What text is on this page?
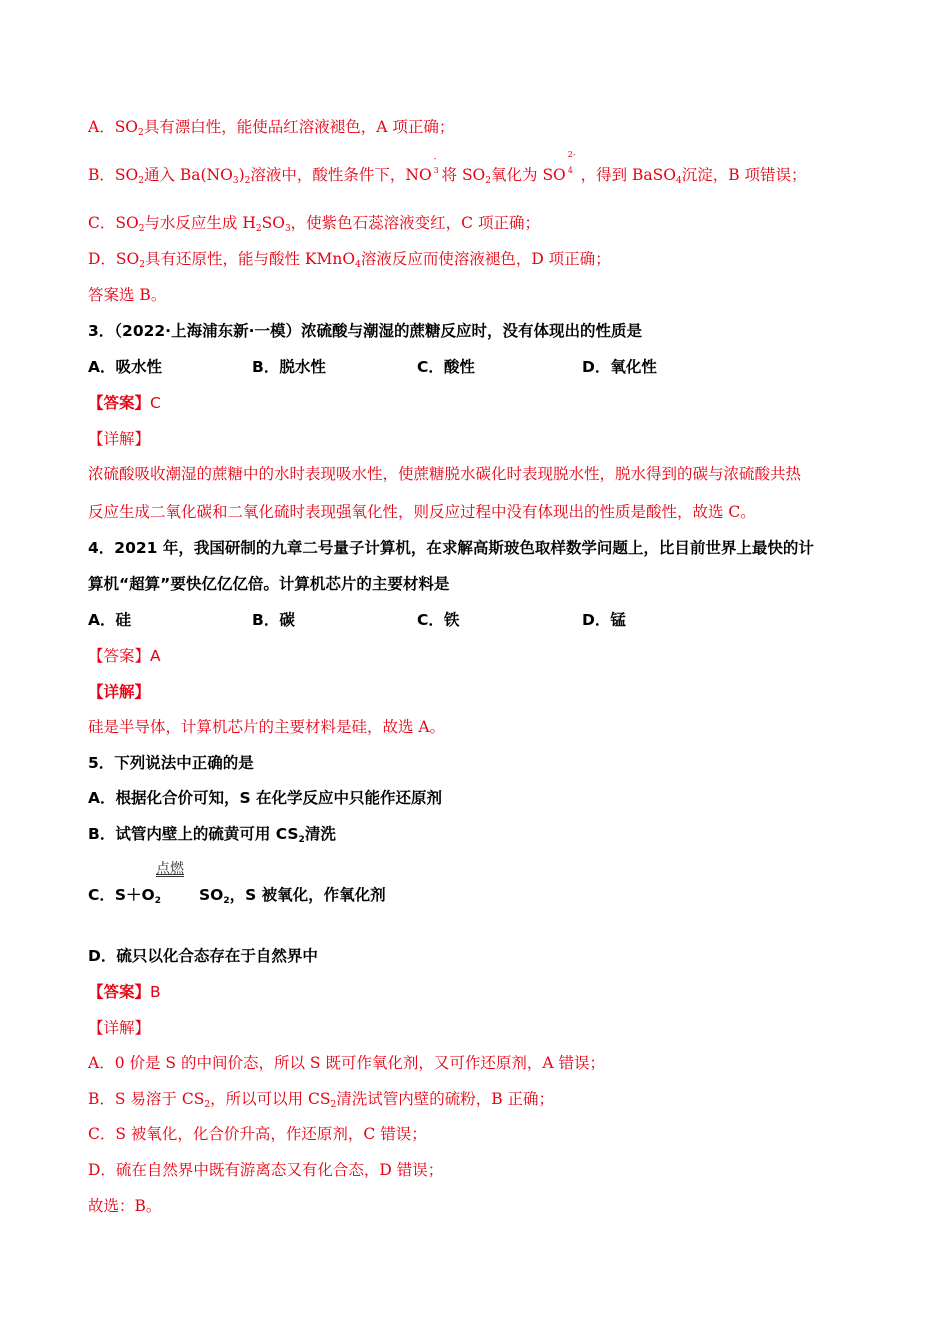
A．$SO_2$具有漂白性，能使品红溶液褪色，A 项正确；
B．$SO_2$通入 $Ba(NO_3)_2$溶液中，酸性条件下，NO
-
3 将 $SO_2$氧化为 SO
2-
4 ，得到 BaSO$_4$沉淀，B 项错误；
C．$SO_2$与水反应生成 $H_2SO_3$，使紫色石蕊溶液变红，C 项正确；
D．$SO_2$具有还原性，能与酸性 KMnO$_4$溶液反应而使溶液褪色，D 项正确；
答案选 B。
3．（2022·上海浦东新·一模）浓硫酸与潮湿的蔗糖反应时，没有体现出的性质是
A．吸水性	B．脱水性	C．酸性	D．氧化性
【答案】C
【详解】
浓硫酸吸收潮湿的蔗糖中的水时表现吸水性，使蔗糖脱水碳化时表现脱水性，脱水得到的碳与浓硫酸共热
反应生成二氧化碳和二氧化硫时表现强氧化性，则反应过程中没有体现出的性质是酸性，故选 C。
4．2021 年，我国研制的九章二号量子计算机，在求解高斯玻色取样数学问题上，比目前世界上最快的计
算机“超算”要快亿亿亿倍。计算机芯片的主要材料是
A．硅	B．碳	C．铁	D．锰
【答案】A
【详解】
硅是半导体，计算机芯片的主要材料是硅，故选 A。
5．下列说法中正确的是
A．根据化合价可知，S 在化学反应中只能作还原剂
B．试管内壁上的硫黄可用 $CS_2$清洗
点燃
C．$S+O_2$ $SO_2$，S 被氧化，作氧化剂
D．硫只以化合态存在于自然界中
【答案】B
【详解】
A．0 价是 S 的中间价态，所以 S 既可作氧化剂，又可作还原剂，A 错误；
B．S 易溶于 $CS_2$，所以可以用 $CS_2$清洗试管内壁的硫粉，B 正确；
C．S 被氧化，化合价升高，作还原剂，C 错误；
D．硫在自然界中既有游离态又有化合态，D 错误；
故选：B。
